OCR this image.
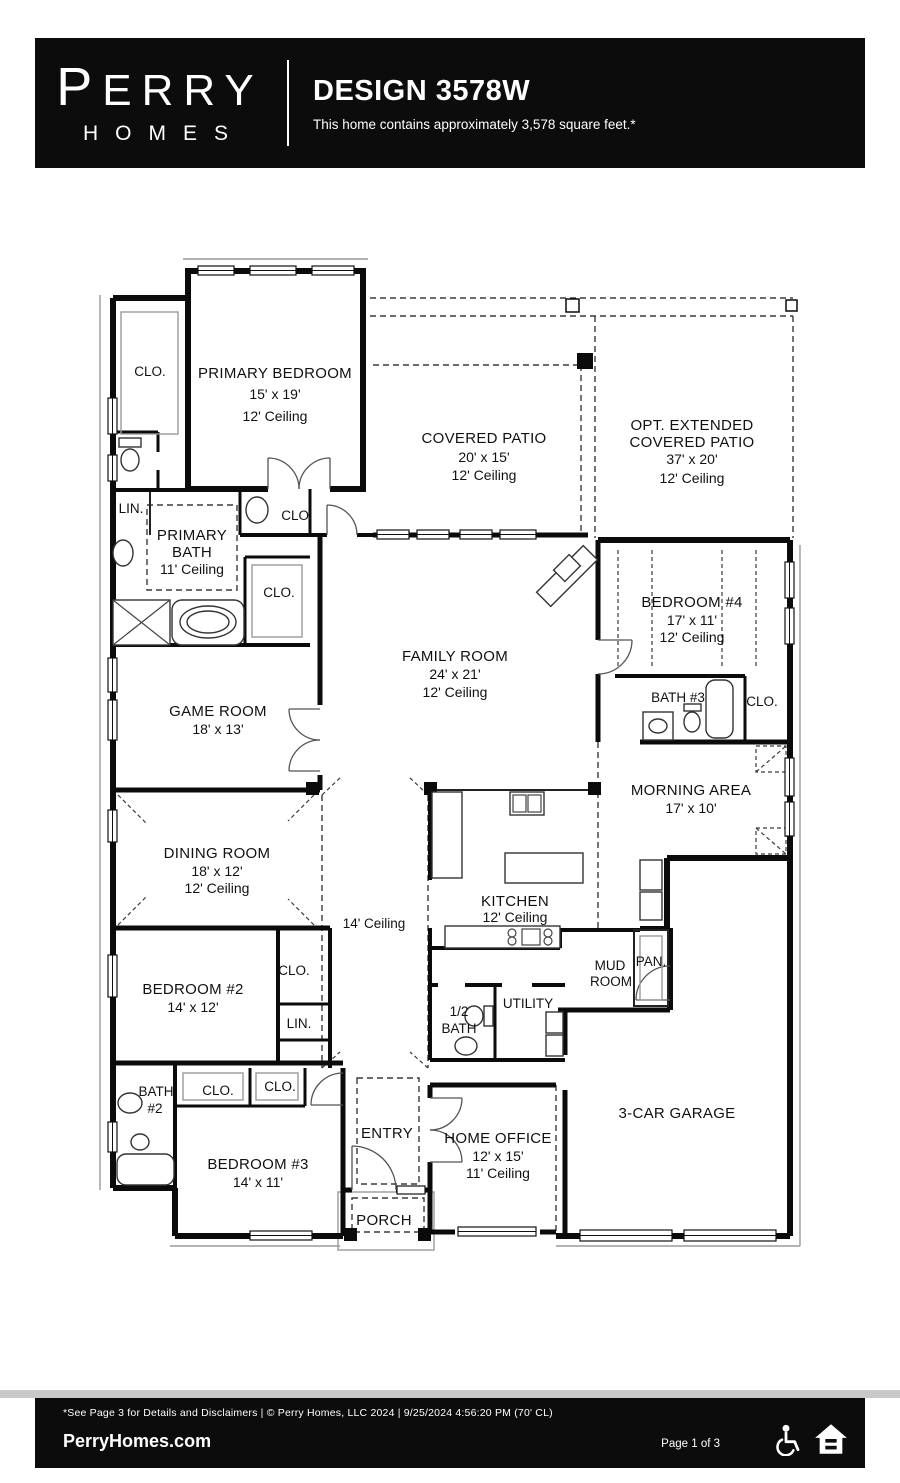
PERRY
HOMES
DESIGN 3578W
This home contains approximately 3,578 square feet.*
PRIMARY BEDROOM
15' x 19'
12' Ceiling
COVERED PATIO
20' x 15'
12' Ceiling
OPT. EXTENDED
COVERED PATIO
37' x 20'
12' Ceiling
FAMILY ROOM
24' x 21'
12' Ceiling
GAME ROOM
18' x 13'
PRIMARY
BATH
11' Ceiling
BEDROOM #4
17' x 11'
12' Ceiling
BATH #3
MORNING AREA
17' x 10'
DINING ROOM
18' x 12'
12' Ceiling
14' Ceiling
KITCHEN
12' Ceiling
BEDROOM #2
14' x 12'	1/2
BATH
UTILITY
MUD
ROOM
PAN.
BATH
#2
BEDROOM #3
14' x 11'
ENTRY
PORCH
HOME OFFICE
12' x 15'
11' Ceiling
3-CAR GARAGE
CLO.
CLO.
CLO.
CLO.
CLO.
CLO. CLO.
LIN.
LIN.
*See Page 3 for Details and Disclaimers | © Perry Homes, LLC 2024 | 9/25/2024 4:56:20 PM (70' CL)
PerryHomes.com	Page 1 of 3
